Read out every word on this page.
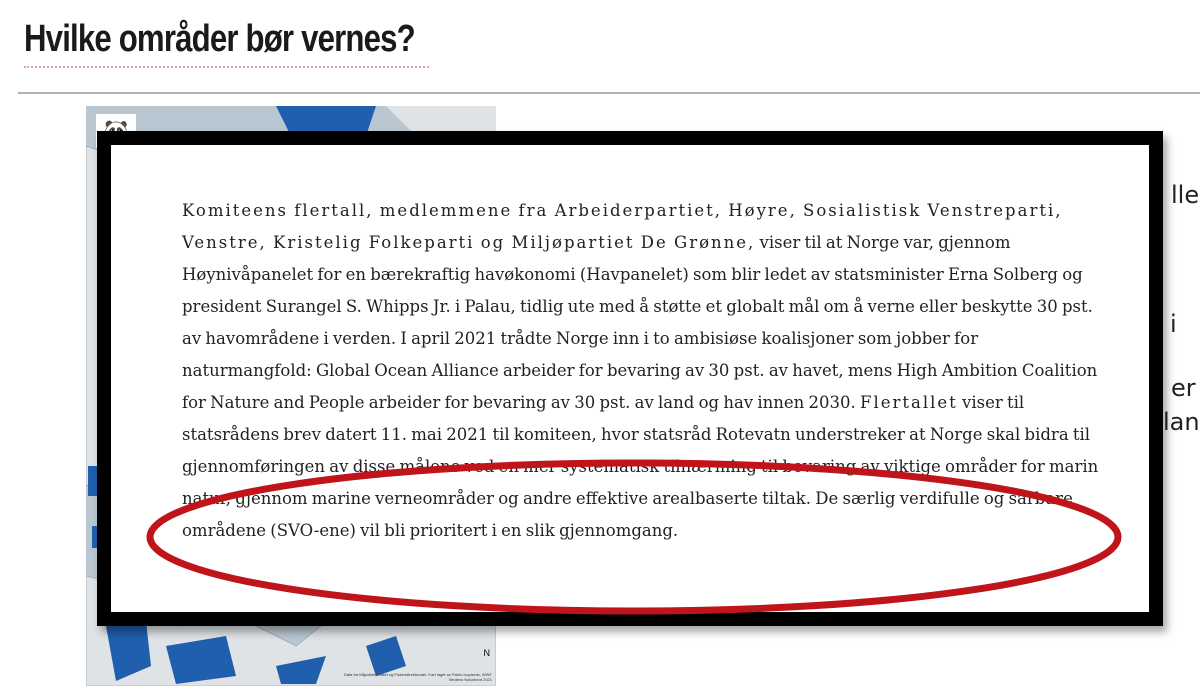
Hvilke områder bør vernes?
N
Data fra Miljødirektoratet og Fiskeridirektoratet. Kart laget av Pablo Izquierdo, WWF Verdens Naturfond 2021
lle
i
er
lan

Komiteens flertall, medlemmene fra Arbeiderpartiet, Høyre, Sosialistisk Venstreparti, Venstre, Kristelig Folkeparti og Miljøpartiet De Grønne, viser til at Norge var, gjennom Høynivåpanelet for en bærekraftig havøkonomi (Havpanelet) som blir ledet av statsminister Erna Solberg og president Surangel S. Whipps Jr. i Palau, tidlig ute med å støtte et globalt mål om å verne eller beskytte 30 pst. av havområdene i verden. I april 2021 trådte Norge inn i to ambisiøse koalisjoner som jobber for naturmangfold: Global Ocean Alliance arbeider for bevaring av 30 pst. av havet, mens High Ambition Coalition for Nature and People arbeider for bevaring av 30 pst. av land og hav innen 2030. Flertallet viser til statsrådens brev datert 11. mai 2021 til komiteen, hvor statsråd Rotevatn understreker at Norge skal bidra til gjennomføringen av disse målene ved en mer systematisk tilnærming til bevaring av viktige områder for marin natur, gjennom marine verneområder og andre effektive arealbaserte tiltak. De særlig verdifulle og sårbare områdene (SVO-ene) vil bli prioritert i en slik gjennomgang.
